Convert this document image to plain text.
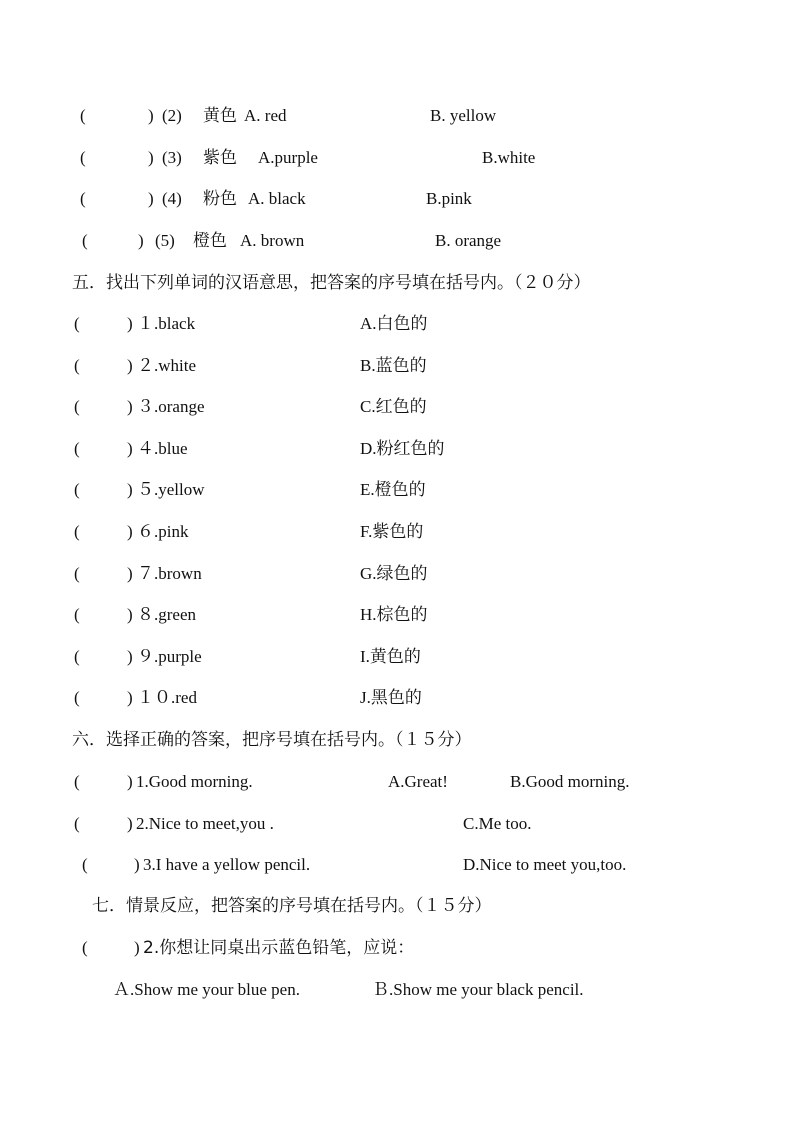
(	) (2) 黄色 A. red	B. yellow
(	) (3) 紫色 A.purple	B.white
(	) (4) 粉色 A. black	B.pink
(	) (5) 橙色 A. brown	B. orange
五．找出下列单词的汉语意思，把答案的序号填在括号内。（２０分）
(	) １.black	A.白色的
(	) ２.white	B.蓝色的
(	) ３.orange	C.红色的
(	) ４.blue	D.粉红色的
(	) ５.yellow	E.橙色的
(	) ６.pink	F.紫色的
(	) ７.brown	G.绿色的
(	) ８.green	H.棕色的
(	) ９.purple	I.黄色的
(	) １０.red	J.黑色的
六．选择正确的答案，把序号填在括号内。（１５分）
(	) 1.Good morning.	A.Great!	B.Good morning.
(	) 2.Nice to meet,you .	C.Me too.
(	) 3.I have a yellow pencil.	D.Nice to meet you,too.
七．情景反应，把答案的序号填在括号内。（１５分）
(	) 2.你想让同桌出示蓝色铅笔，应说：
Ａ.Show me your blue pen.	Ｂ.Show me your black pencil.
